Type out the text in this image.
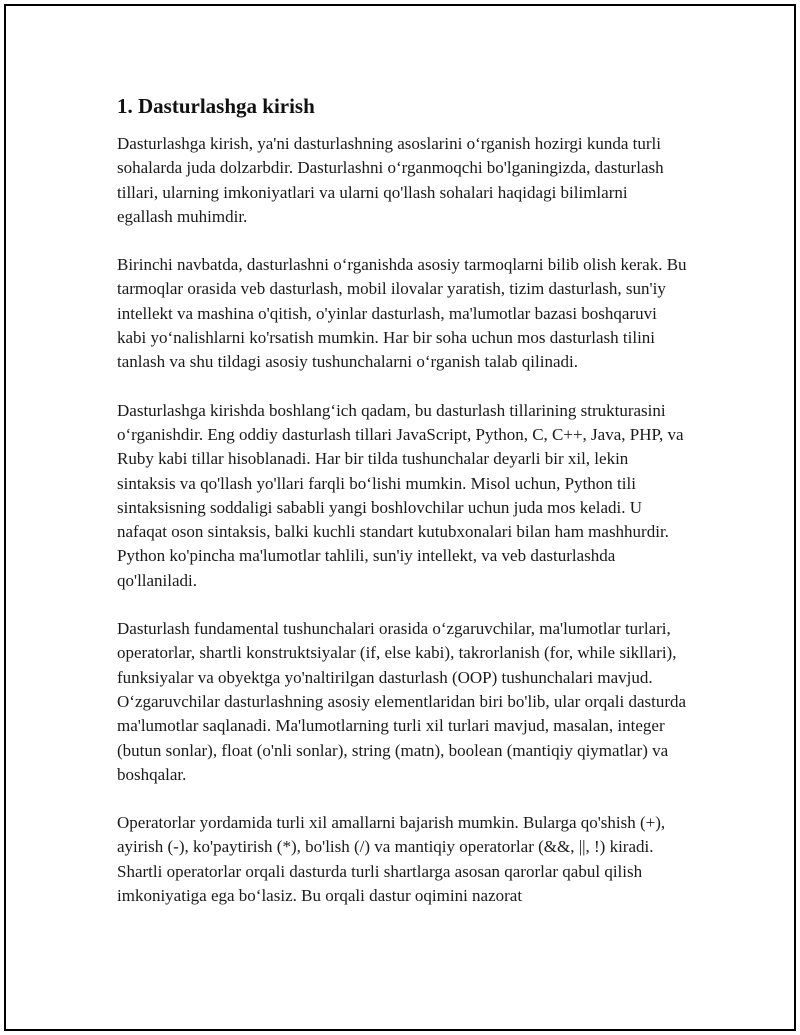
1. Dasturlashga kirish

Dasturlashga kirish, ya'ni dasturlashning asoslarini o‘rganish hozirgi kunda turli sohalarda juda dolzarbdir. Dasturlashni o‘rganmoqchi bo'lganingizda, dasturlash tillari, ularning imkoniyatlari va ularni qo'llash sohalari haqidagi bilimlarni egallash muhimdir.

Birinchi navbatda, dasturlashni o‘rganishda asosiy tarmoqlarni bilib olish kerak. Bu tarmoqlar orasida veb dasturlash, mobil ilovalar yaratish, tizim dasturlash, sun'iy intellekt va mashina o'qitish, o'yinlar dasturlash, ma'lumotlar bazasi boshqaruvi kabi yo‘nalishlarni ko'rsatish mumkin. Har bir soha uchun mos dasturlash tilini tanlash va shu tildagi asosiy tushunchalarni o‘rganish talab qilinadi.

Dasturlashga kirishda boshlang‘ich qadam, bu dasturlash tillarining strukturasini o‘rganishdir. Eng oddiy dasturlash tillari JavaScript, Python, C, C++, Java, PHP, va Ruby kabi tillar hisoblanadi. Har bir tilda tushunchalar deyarli bir xil, lekin sintaksis va qo'llash yo'llari farqli bo‘lishi mumkin. Misol uchun, Python tili sintaksisning soddaligi sababli yangi boshlovchilar uchun juda mos keladi. U nafaqat oson sintaksis, balki kuchli standart kutubxonalari bilan ham mashhurdir. Python ko'pincha ma'lumotlar tahlili, sun'iy intellekt, va veb dasturlashda qo'llaniladi.

Dasturlash fundamental tushunchalari orasida o‘zgaruvchilar, ma'lumotlar turlari, operatorlar, shartli konstruktsiyalar (if, else kabi), takrorlanish (for, while sikllari), funksiyalar va obyektga yo'naltirilgan dasturlash (OOP) tushunchalari mavjud. O‘zgaruvchilar dasturlashning asosiy elementlaridan biri bo'lib, ular orqali dasturda ma'lumotlar saqlanadi. Ma'lumotlarning turli xil turlari mavjud, masalan, integer (butun sonlar), float (o'nli sonlar), string (matn), boolean (mantiqiy qiymatlar) va boshqalar.

Operatorlar yordamida turli xil amallarni bajarish mumkin. Bularga qo'shish (+), ayirish (-), ko'paytirish (*), bo'lish (/) va mantiqiy operatorlar (&&, ||, !) kiradi. Shartli operatorlar orqali dasturda turli shartlarga asosan qarorlar qabul qilish imkoniyatiga ega bo‘lasiz. Bu orqali dastur oqimini nazorat
